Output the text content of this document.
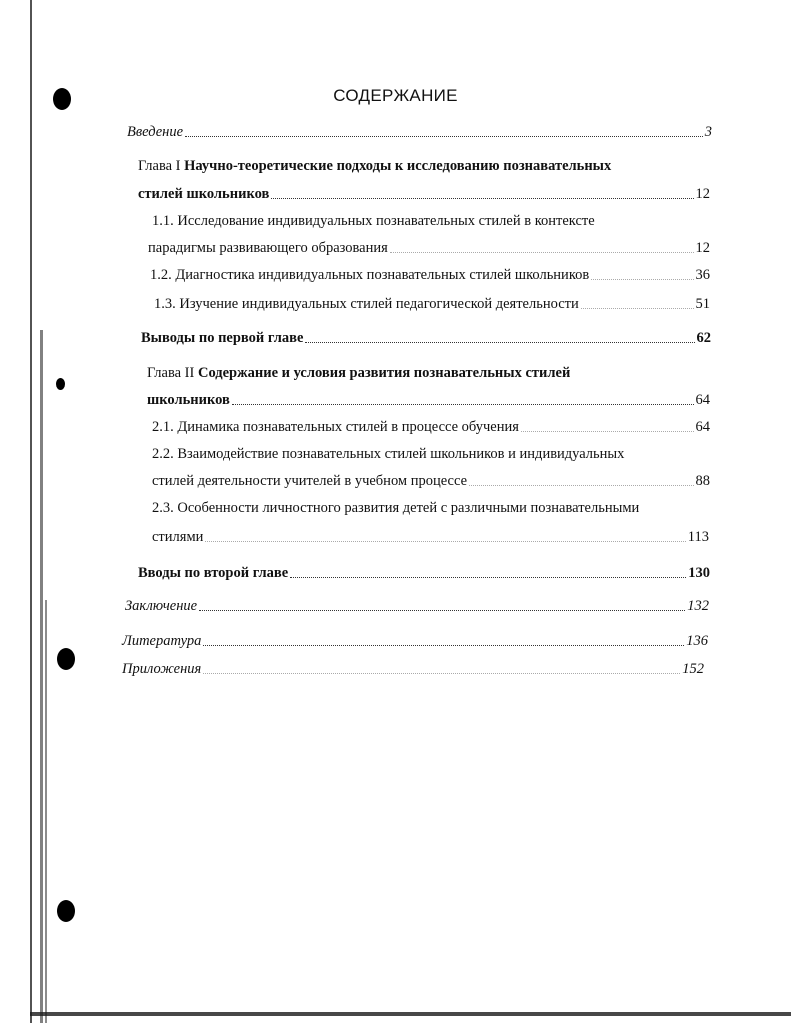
СОДЕРЖАНИЕ
Введение	3
Глава I Научно-теоретические подходы к исследованию познавательных
стилей школьников	12
1.1. Исследование индивидуальных познавательных стилей в контексте
парадигмы развивающего образования	12
1.2. Диагностика индивидуальных познавательных стилей школьников	36
1.3. Изучение индивидуальных стилей педагогической деятельности	51
Выводы по первой главе	62
Глава II Содержание и условия развития познавательных стилей
школьников	64
2.1. Динамика познавательных стилей в процессе обучения	64
2.2. Взаимодействие познавательных стилей школьников и индивидуальных
стилей деятельности учителей в учебном процессе	88
2.3. Особенности личностного развития детей с различными познавательными
стилями	113
Вводы по второй главе	130
Заключение	132
Литература	136
Приложения	152
